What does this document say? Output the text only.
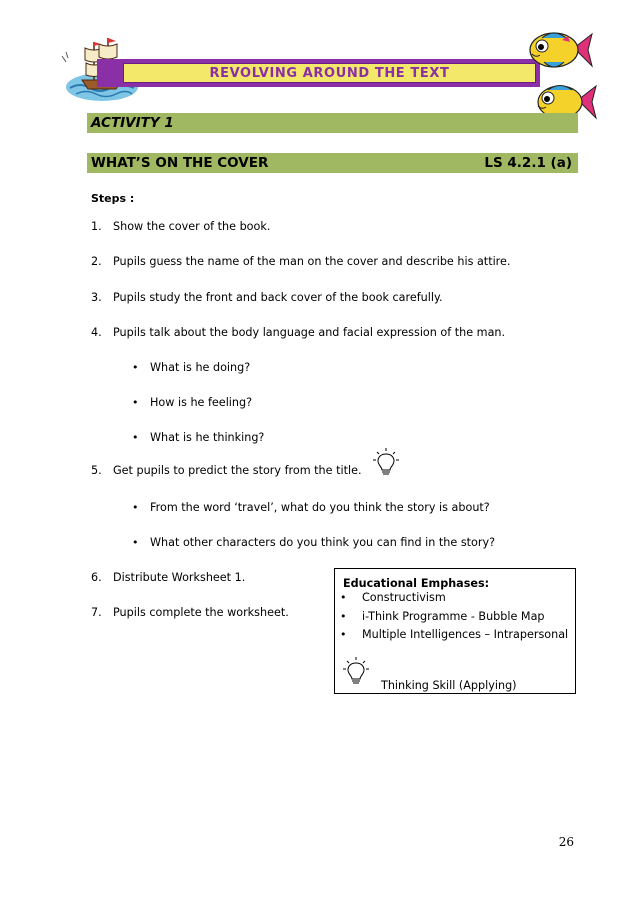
REVOLVING AROUND THE TEXT
ACTIVITY 1
WHAT’S ON THE COVER	LS 4.2.1 (a)
Steps :
1. Show the cover of the book.
2. Pupils guess the name of the man on the cover and describe his attire.
3. Pupils study the front and back cover of the book carefully.
4. Pupils talk about the body language and facial expression of the man.
• What is he doing?
• How is he feeling?
• What is he thinking?
5. Get pupils to predict the story from the title.
• From the word ‘travel’, what do you think the story is about?
• What other characters do you think you can find in the story?
6. Distribute Worksheet 1.
7. Pupils complete the worksheet.
Educational Emphases:
• Constructivism
• i-Think Programme - Bubble Map
• Multiple Intelligences – Intrapersonal
Thinking Skill (Applying)
26
